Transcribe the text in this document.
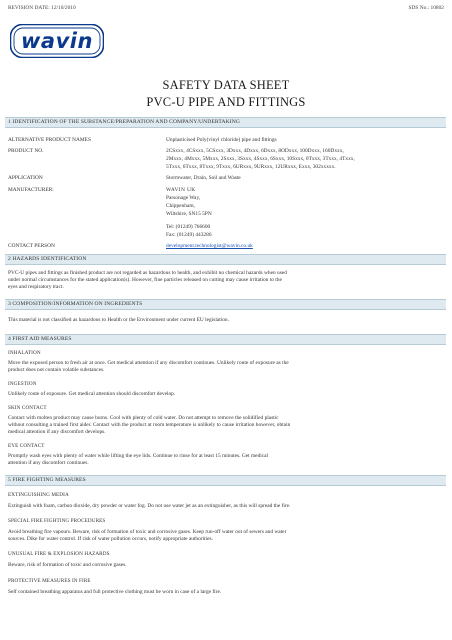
REVISION DATE: 12/10/2010	SDS No.: 10802
wavin
SAFETY DATA SHEET
PVC-U PIPE AND FITTINGS
1 IDENTIFICATION OF THE SUBSTANCE/PREPARATION AND COMPANY/UNDERTAKING
ALTERNATIVE PRODUCT NAMES	Unplasticised Poly(vinyl chloride) pipe and fittings
PRODUCT NO.	2CSxxx, 4CSxxx, 5CSxxx, 3Dxxx, 4Dxxx, 6Dxxx, 8ODxxx, 100Dxxx, 160Dxxx,
2Mxxx, 4Mxxx, 5Mxxx, 2Sxxx, 3Sxxx, 4Sxxx, 6Sxxx, 10Sxxx, 0Txxx, 3Txxx, 4Txxx,
5Txxx, 6Txxx, 8Txxx, 9Txxx, 6URxxx, 9URxxx, 12URxxx, Exxx, 302xxxxx.
APPLICATION	Stormwater, Drain, Soil and Waste
MANUFACTURER:	WAVIN UK
Parsonage Way,
Chippenham,
Wiltshire, SN15 5PN
Tel: (01249) 766600
Fax: (01249) 443286
CONTACT PERSON	development.technologist@wavin.co.uk
2 HAZARDS IDENTIFICATION
PVC-U pipes and fittings as finished product are not regarded as hazardous to health, and exhibit no chemical hazards when used
under normal circumstances for the stated application(s). However, fine particles released on cutting may cause irritation to the
eyes and respiratory tract.
3 COMPOSITION/INFORMATION ON INGREDIENTS
This material is not classified as hazardous to Health or the Environment under current EU legislation.
4 FIRST AID MEASURES
INHALATION
Move the exposed person to fresh air at once. Get medical attention if any discomfort continues. Unlikely route of exposure as the
product does not contain volatile substances.
INGESTION
Unlikely route of exposure. Get medical attention should discomfort develop.
SKIN CONTACT
Contact with molten product may cause burns. Cool with plenty of cold water. Do not attempt to remove the solidified plastic
without consulting a trained first aider. Contact with the product at room temperature is unlikely to cause irritation however, obtain
medical attention if any discomfort develops.
EYE CONTACT
Promptly wash eyes with plenty of water while lifting the eye lids. Continue to rinse for at least 15 minutes. Get medical
attention if any discomfort continues.
5 FIRE FIGHTING MEASURES
EXTINGUISHING MEDIA
Extinguish with foam, carbon dioxide, dry powder or water fog. Do not use water jet as an extinguisher, as this will spread the fire.
SPECIAL FIRE FIGHTING PROCEDURES
Avoid breathing fire vapours. Beware, risk of formation of toxic and corrosive gases. Keep run-off water out of sewers and water
sources. Dike for water control. If risk of water pollution occurs, notify appropriate authorities.
UNUSUAL FIRE & EXPLOSION HAZARDS
Beware, risk of formation of toxic and corrosive gases.
PROTECTIVE MEASURES IN FIRE
Self contained breathing apparatus and full protective clothing must be worn in case of a large fire.
